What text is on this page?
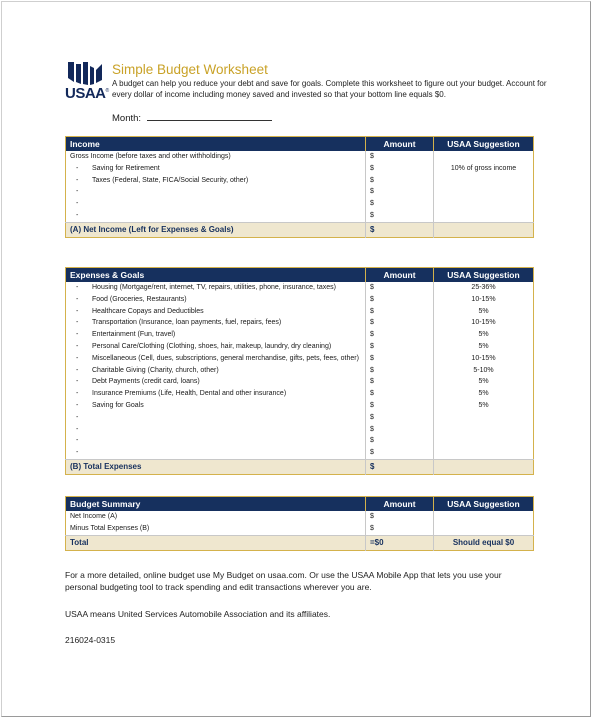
USAA®
Simple Budget Worksheet
A budget can help you reduce your debt and save for goals. Complete this worksheet to figure out your budget. Account for every dollar of income including money saved and invested so that your bottom line equals $0.
Month:
Income	Amount	USAA Suggestion
Gross Income (before taxes and other withholdings)	$	
- Saving for Retirement	$	10% of gross income
- Taxes (Federal, State, FICA/Social Security, other)	$	
-	$	
-	$	
-	$	
(A) Net Income (Left for Expenses & Goals)	$	
Expenses & Goals	Amount	USAA Suggestion
- Housing (Mortgage/rent, internet, TV, repairs, utilities, phone, insurance, taxes)	$	25-36%
- Food (Groceries, Restaurants)	$	10-15%
- Healthcare Copays and Deductibles	$	5%
- Transportation (Insurance, loan payments, fuel, repairs, fees)	$	10-15%
- Entertainment (Fun, travel)	$	5%
- Personal Care/Clothing (Clothing, shoes, hair, makeup, laundry, dry cleaning)	$	5%
- Miscellaneous (Cell, dues, subscriptions, general merchandise, gifts, pets, fees, other)	$	10-15%
- Charitable Giving (Charity, church, other)	$	5-10%
- Debt Payments (credit card, loans)	$	5%
- Insurance Premiums (Life, Health, Dental and other insurance)	$	5%
- Saving for Goals	$	5%
-	$	
-	$	
-	$	
-	$	
(B) Total Expenses	$	
Budget Summary	Amount	USAA Suggestion
Net Income (A)	$	
Minus Total Expenses (B)	$	
Total	=$0	Should equal $0
For a more detailed, online budget use My Budget on usaa.com. Or use the USAA Mobile App that lets you use your personal budgeting tool to track spending and edit transactions wherever you are.
USAA means United Services Automobile Association and its affiliates.
216024-0315
